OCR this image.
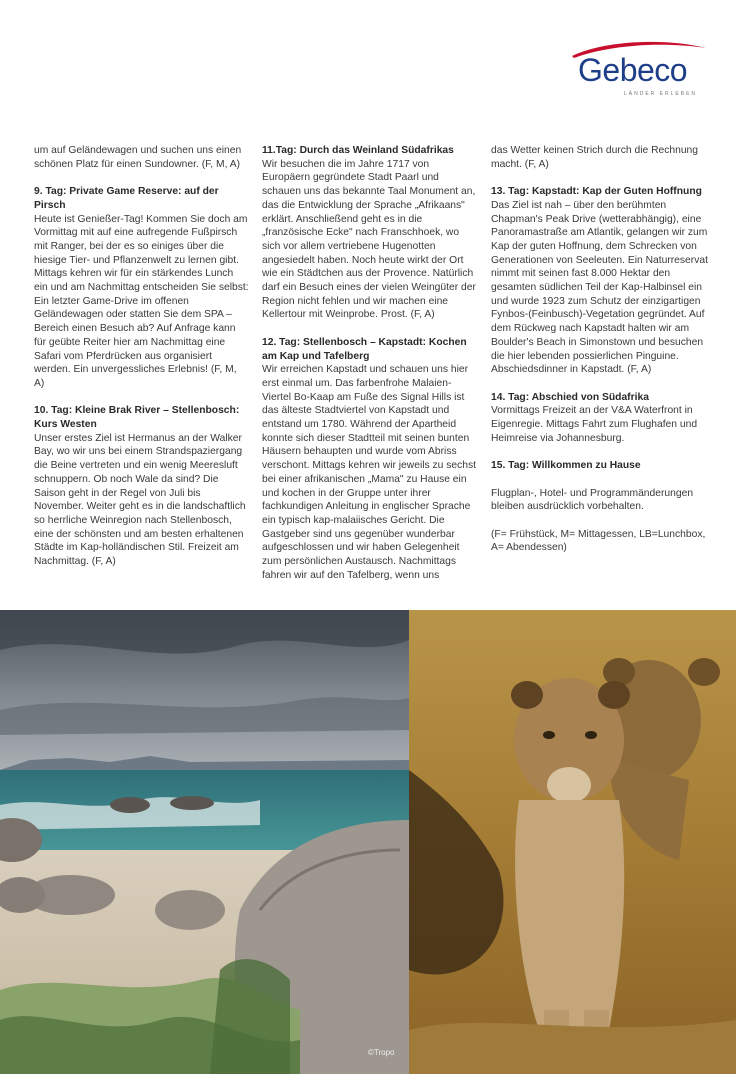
Gebeco
LÄNDER ERLEBEN

um auf Geländewagen und suchen uns einen schönen Platz für einen Sundowner. (F, M, A)

9. Tag: Private Game Reserve: auf der Pirsch

Heute ist Genießer-Tag! Kommen Sie doch am Vormittag mit auf eine aufregende Fußpirsch mit Ranger, bei der es so einiges über die hiesige Tier- und Pflanzenwelt zu lernen gibt. Mittags kehren wir für ein stärkendes Lunch ein und am Nachmittag entscheiden Sie selbst: Ein letzter Game-Drive im offenen Geländewagen oder statten Sie dem SPA – Bereich einen Besuch ab? Auf Anfrage kann für geübte Reiter hier am Nachmittag eine Safari vom Pferdrücken aus organisiert werden. Ein unvergessliches Erlebnis! (F, M, A)

10. Tag: Kleine Brak River – Stellenbosch: Kurs Westen

Unser erstes Ziel ist Hermanus an der Walker Bay, wo wir uns bei einem Strandspaziergang die Beine vertreten und ein wenig Meeresluft schnuppern. Ob noch Wale da sind? Die Saison geht in der Regel von Juli bis November. Weiter geht es in die landschaftlich so herrliche Weinregion nach Stellenbosch, eine der schönsten und am besten erhaltenen Städte im Kap-holländischen Stil. Freizeit am Nachmittag. (F, A)

11.Tag: Durch das Weinland Südafrikas

Wir besuchen die im Jahre 1717 von Europäern gegründete Stadt Paarl und schauen uns das bekannte Taal Monument an, das die Entwicklung der Sprache „Afrikaans" erklärt. Anschließend geht es in die „französische Ecke" nach Franschhoek, wo sich vor allem vertriebene Hugenotten angesiedelt haben. Noch heute wirkt der Ort wie ein Städtchen aus der Provence. Natürlich darf ein Besuch eines der vielen Weingüter der Region nicht fehlen und wir machen eine Kellertour mit Weinprobe. Prost. (F, A)

12. Tag: Stellenbosch – Kapstadt: Kochen am Kap und Tafelberg

Wir erreichen Kapstadt und schauen uns hier erst einmal um. Das farbenfrohe Malaien-Viertel Bo-Kaap am Fuße des Signal Hills ist das älteste Stadtviertel von Kapstadt und entstand um 1780. Während der Apartheid konnte sich dieser Stadtteil mit seinen bunten Häusern behaupten und wurde vom Abriss verschont. Mittags kehren wir jeweils zu sechst bei einer afrikanischen „Mama" zu Hause ein und kochen in der Gruppe unter ihrer fachkundigen Anleitung in englischer Sprache ein typisch kap-malaiisches Gericht. Die Gastgeber sind uns gegenüber wunderbar aufgeschlossen und wir haben Gelegenheit zum persönlichen Austausch. Nachmittags fahren wir auf den Tafelberg, wenn uns

das Wetter keinen Strich durch die Rechnung macht. (F, A)

13. Tag: Kapstadt: Kap der Guten Hoffnung

Das Ziel ist nah – über den berühmten Chapman's Peak Drive (wetterabhängig), eine Panoramastraße am Atlantik, gelangen wir zum Kap der guten Hoffnung, dem Schrecken von Generationen von Seeleuten. Ein Naturreservat nimmt mit seinen fast 8.000 Hektar den gesamten südlichen Teil der Kap-Halbinsel ein und wurde 1923 zum Schutz der einzigartigen Fynbos-(Feinbusch)-Vegetation gegründet. Auf dem Rückweg nach Kapstadt halten wir am Boulder's Beach in Simonstown und besuchen die hier lebenden possierlichen Pinguine. Abschiedsdinner in Kapstadt. (F, A)

14. Tag: Abschied von Südafrika

Vormittags Freizeit an der V&A Waterfront in Eigenregie. Mittags Fahrt zum Flughafen und Heimreise via Johannesburg.

15. Tag: Willkommen zu Hause

Flugplan-, Hotel- und Programmänderungen bleiben ausdrücklich vorbehalten.

(F= Frühstück, M= Mittagessen, LB=Lunchbox, A= Abendessen)

©Tropo
